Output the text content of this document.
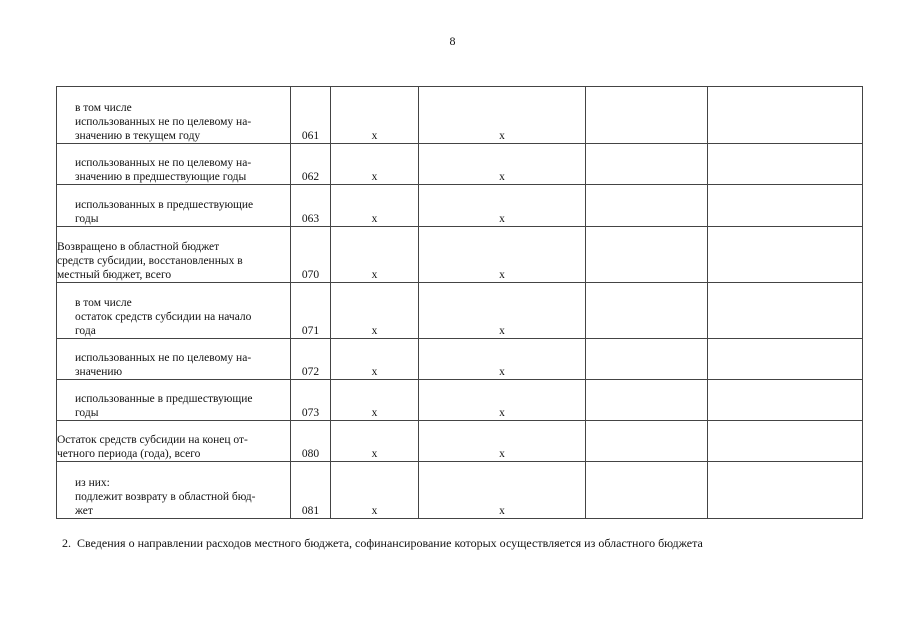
8
в том числе
использованных не по целевому на-
значению в текущем году	061	x	x		

использованных не по целевому на-
значению в предшествующие годы	062	x	x		

использованных в предшествующие
годы	063	x	x		

Возвращено в областной бюджет
средств субсидии, восстановленных в
местный бюджет, всего	070	x	x		

в том числе
остаток средств субсидии на начало
года	071	x	x		

использованных не по целевому на-
значению	072	x	x		

использованные в предшествующие
годы	073	x	x		

Остаток средств субсидии на конец от-
четного периода (года), всего	080	x	x		

из них:
подлежит возврату в областной бюд-
жет	081	x	x		
2. Сведения о направлении расходов местного бюджета, софинансирование которых осуществляется из областного бюджета
